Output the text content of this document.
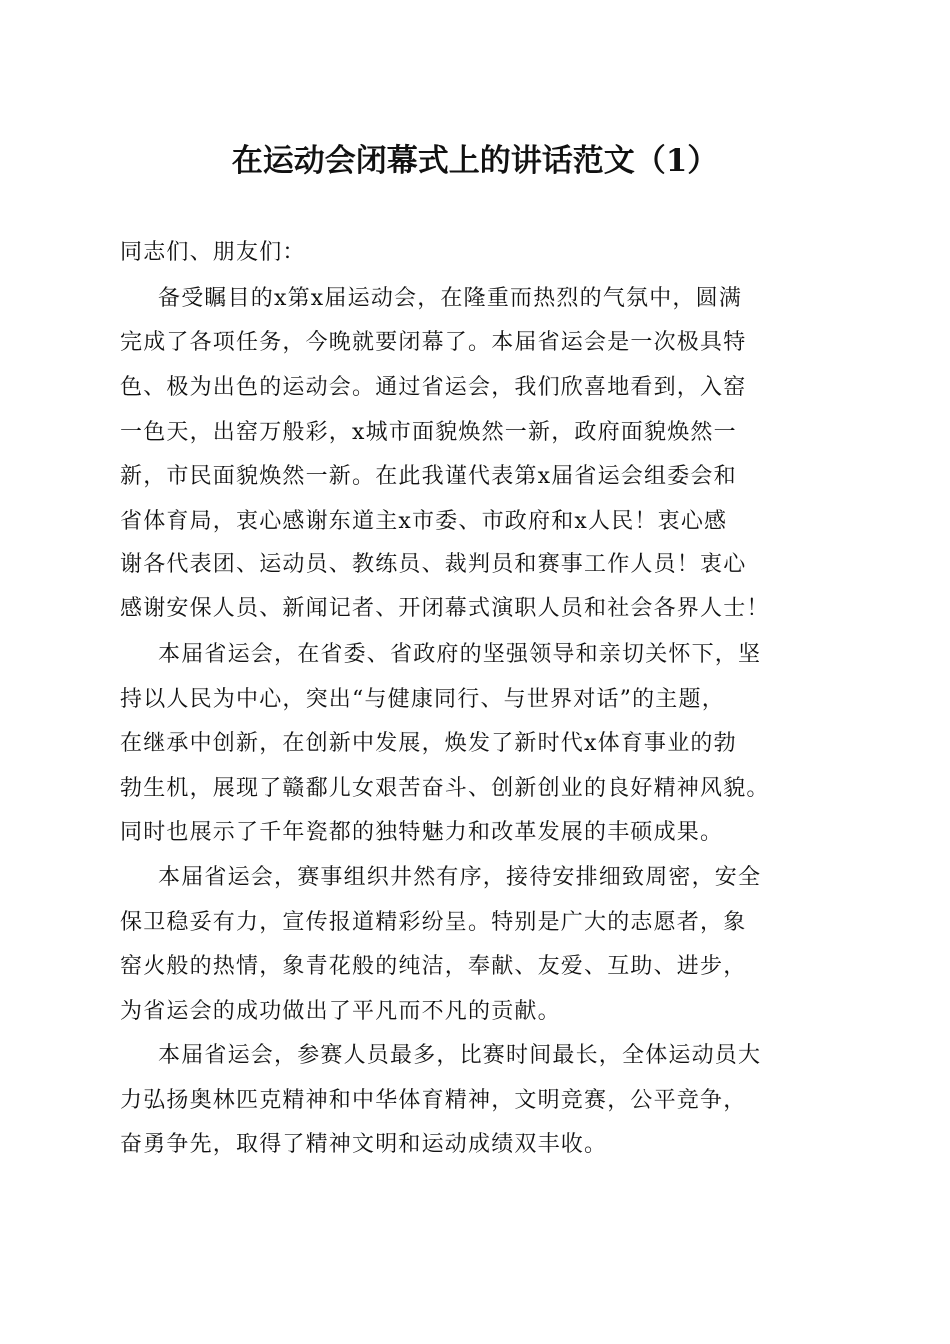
在运动会闭幕式上的讲话范文（1）
同志们、朋友们：
备受瞩目的x第x届运动会，在隆重而热烈的气氛中，圆满
完成了各项任务，今晚就要闭幕了。本届省运会是一次极具特
色、极为出色的运动会。通过省运会，我们欣喜地看到，入窑
一色天，出窑万般彩，x城市面貌焕然一新，政府面貌焕然一
新，市民面貌焕然一新。在此我谨代表第x届省运会组委会和
省体育局，衷心感谢东道主x市委、市政府和x人民！衷心感
谢各代表团、运动员、教练员、裁判员和赛事工作人员！衷心
感谢安保人员、新闻记者、开闭幕式演职人员和社会各界人士！
本届省运会，在省委、省政府的坚强领导和亲切关怀下，坚
持以人民为中心，突出“与健康同行、与世界对话”的主题，
在继承中创新，在创新中发展，焕发了新时代x体育事业的勃
勃生机，展现了赣鄱儿女艰苦奋斗、创新创业的良好精神风貌。
同时也展示了千年瓷都的独特魅力和改革发展的丰硕成果。
本届省运会，赛事组织井然有序，接待安排细致周密，安全
保卫稳妥有力，宣传报道精彩纷呈。特别是广大的志愿者，象
窑火般的热情，象青花般的纯洁，奉献、友爱、互助、进步，
为省运会的成功做出了平凡而不凡的贡献。
本届省运会，参赛人员最多，比赛时间最长，全体运动员大
力弘扬奥林匹克精神和中华体育精神，文明竞赛，公平竞争，
奋勇争先，取得了精神文明和运动成绩双丰收。
